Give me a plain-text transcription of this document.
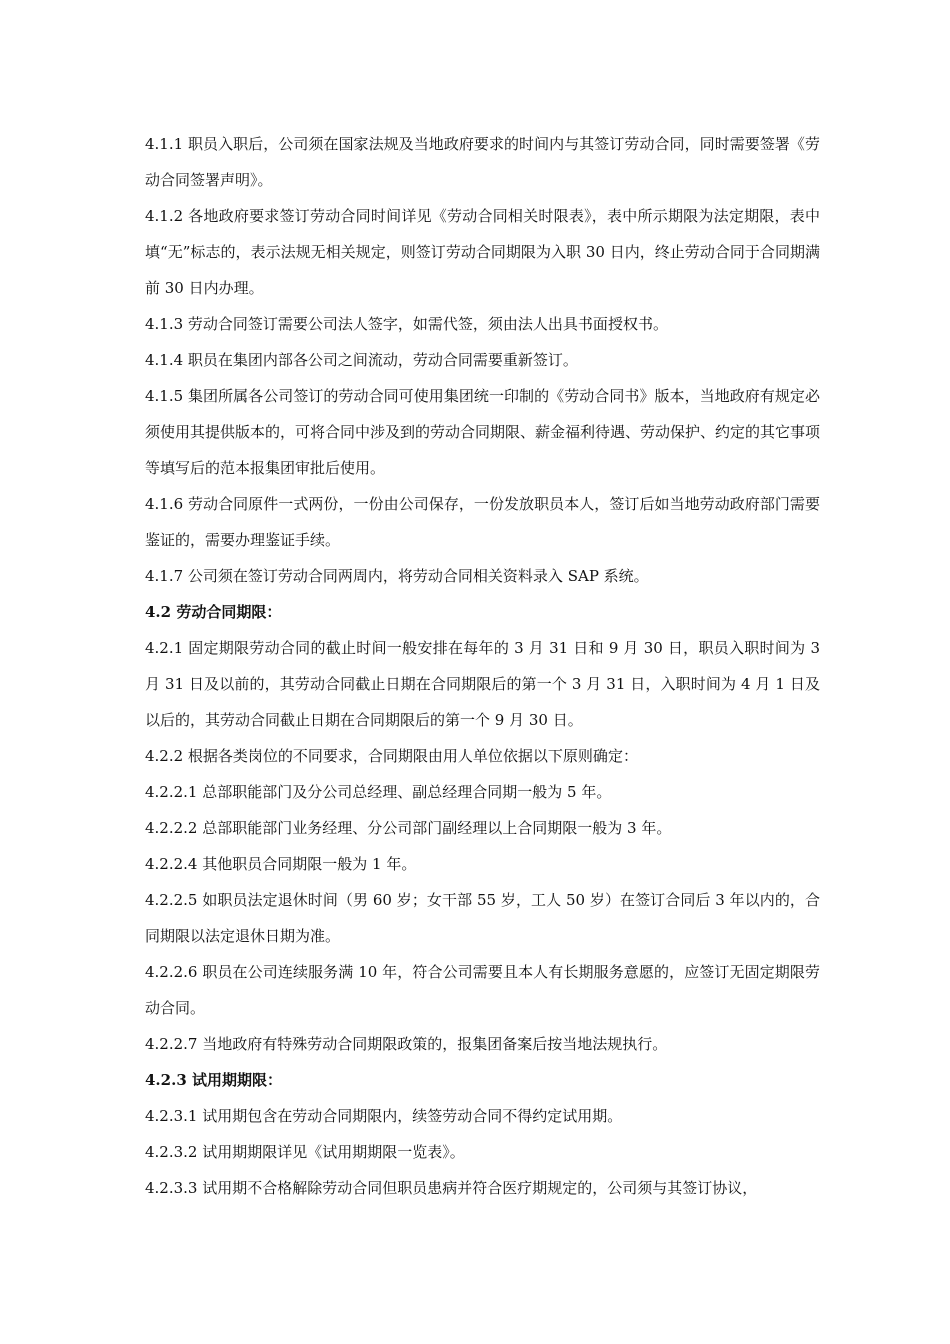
4.1.1 职员入职后，公司须在国家法规及当地政府要求的时间内与其签订劳动合同，同时需要签署《劳动合同签署声明》。

4.1.2 各地政府要求签订劳动合同时间详见《劳动合同相关时限表》，表中所示期限为法定期限，表中填“无”标志的，表示法规无相关规定，则签订劳动合同期限为入职 30 日内，终止劳动合同于合同期满前 30 日内办理。

4.1.3 劳动合同签订需要公司法人签字，如需代签，须由法人出具书面授权书。

4.1.4 职员在集团内部各公司之间流动，劳动合同需要重新签订。

4.1.5 集团所属各公司签订的劳动合同可使用集团统一印制的《劳动合同书》版本，当地政府有规定必须使用其提供版本的，可将合同中涉及到的劳动合同期限、薪金福利待遇、劳动保护、约定的其它事项等填写后的范本报集团审批后使用。

4.1.6 劳动合同原件一式两份，一份由公司保存，一份发放职员本人，签订后如当地劳动政府部门需要鉴证的，需要办理鉴证手续。

4.1.7 公司须在签订劳动合同两周内，将劳动合同相关资料录入 SAP 系统。

4.2 劳动合同期限：

4.2.1 固定期限劳动合同的截止时间一般安排在每年的 3 月 31 日和 9 月 30 日，职员入职时间为 3 月 31 日及以前的，其劳动合同截止日期在合同期限后的第一个 3 月 31 日，入职时间为 4 月 1 日及以后的，其劳动合同截止日期在合同期限后的第一个 9 月 30 日。

4.2.2 根据各类岗位的不同要求，合同期限由用人单位依据以下原则确定：

4.2.2.1 总部职能部门及分公司总经理、副总经理合同期一般为 5 年。

4.2.2.2 总部职能部门业务经理、分公司部门副经理以上合同期限一般为 3 年。

4.2.2.4 其他职员合同期限一般为 1 年。

4.2.2.5 如职员法定退休时间（男 60 岁；女干部 55 岁，工人 50 岁）在签订合同后 3 年以内的，合同期限以法定退休日期为准。

4.2.2.6 职员在公司连续服务满 10 年，符合公司需要且本人有长期服务意愿的，应签订无固定期限劳动合同。

4.2.2.7 当地政府有特殊劳动合同期限政策的，报集团备案后按当地法规执行。

4.2.3 试用期期限：

4.2.3.1 试用期包含在劳动合同期限内，续签劳动合同不得约定试用期。

4.2.3.2 试用期期限详见《试用期期限一览表》。

4.2.3.3 试用期不合格解除劳动合同但职员患病并符合医疗期规定的，公司须与其签订协议，
